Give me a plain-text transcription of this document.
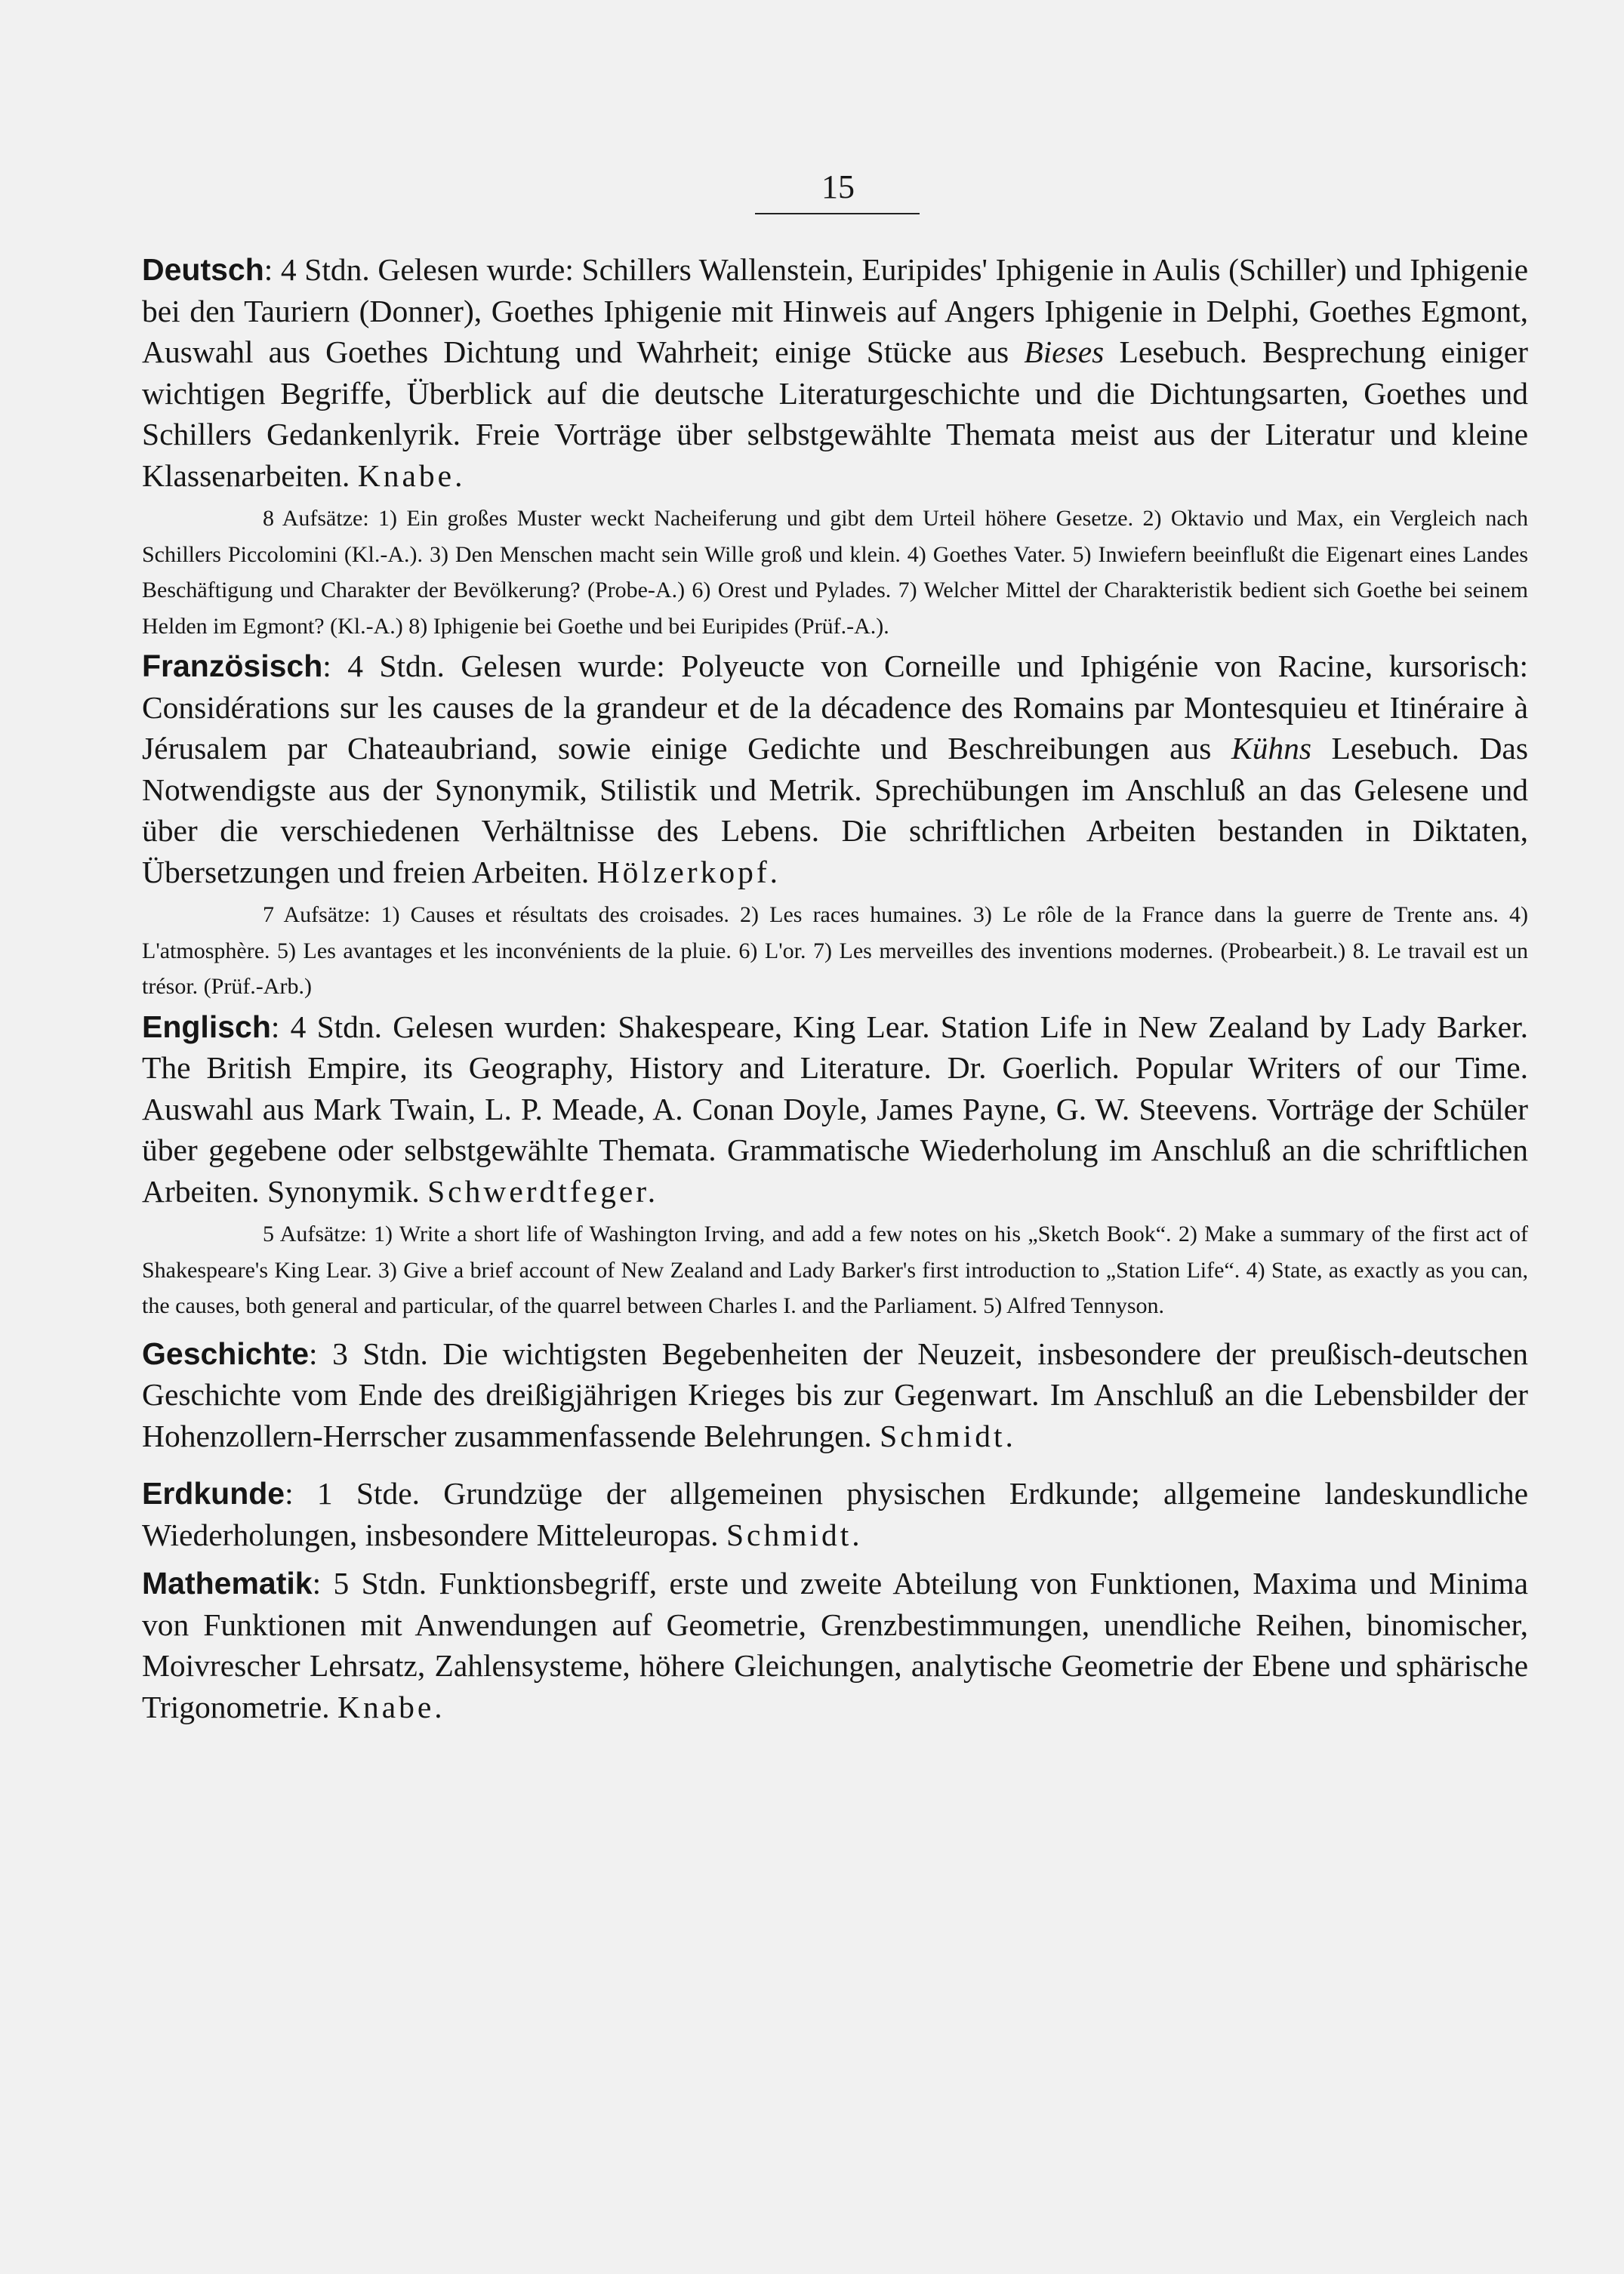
15

Deutsch: 4 Stdn. Gelesen wurde: Schillers Wallenstein, Euripides' Iphigenie in Aulis (Schiller) und Iphigenie bei den Tauriern (Donner), Goethes Iphigenie mit Hinweis auf Angers Iphigenie in Delphi, Goethes Egmont, Auswahl aus Goethes Dichtung und Wahrheit; einige Stücke aus Bieses Lesebuch. Besprechung einiger wichtigen Begriffe, Überblick auf die deutsche Literaturgeschichte und die Dichtungsarten, Goethes und Schillers Gedankenlyrik. Freie Vorträge über selbstgewählte Themata meist aus der Literatur und kleine Klassenarbeiten. Knabe.

8 Aufsätze: 1) Ein großes Muster weckt Nacheiferung und gibt dem Urteil höhere Gesetze. 2) Oktavio und Max, ein Vergleich nach Schillers Piccolomini (Kl.-A.). 3) Den Menschen macht sein Wille groß und klein. 4) Goethes Vater. 5) Inwiefern beeinflußt die Eigenart eines Landes Beschäftigung und Charakter der Bevölkerung? (Probe-A.) 6) Orest und Pylades. 7) Welcher Mittel der Charakteristik bedient sich Goethe bei seinem Helden im Egmont? (Kl.-A.) 8) Iphigenie bei Goethe und bei Euripides (Prüf.-A.).

Französisch: 4 Stdn. Gelesen wurde: Polyeucte von Corneille und Iphigénie von Racine, kursorisch: Considérations sur les causes de la grandeur et de la décadence des Romains par Montesquieu et Itinéraire à Jérusalem par Chateaubriand, sowie einige Gedichte und Beschreibungen aus Kühns Lesebuch. Das Notwendigste aus der Synonymik, Stilistik und Metrik. Sprechübungen im Anschluß an das Gelesene und über die verschiedenen Verhältnisse des Lebens. Die schriftlichen Arbeiten bestanden in Diktaten, Übersetzungen und freien Arbeiten. Hölzerkopf.

7 Aufsätze: 1) Causes et résultats des croisades. 2) Les races humaines. 3) Le rôle de la France dans la guerre de Trente ans. 4) L'atmosphère. 5) Les avantages et les inconvénients de la pluie. 6) L'or. 7) Les merveilles des inventions modernes. (Probearbeit.) 8. Le travail est un trésor. (Prüf.-Arb.)

Englisch: 4 Stdn. Gelesen wurden: Shakespeare, King Lear. Station Life in New Zealand by Lady Barker. The British Empire, its Geography, History and Literature. Dr. Goerlich. Popular Writers of our Time. Auswahl aus Mark Twain, L. P. Meade, A. Conan Doyle, James Payne, G. W. Steevens. Vorträge der Schüler über gegebene oder selbstgewählte Themata. Grammatische Wiederholung im Anschluß an die schriftlichen Arbeiten. Synonymik. Schwerdtfeger.

5 Aufsätze: 1) Write a short life of Washington Irving, and add a few notes on his „Sketch Book“. 2) Make a summary of the first act of Shakespeare's King Lear. 3) Give a brief account of New Zealand and Lady Barker's first introduction to „Station Life“. 4) State, as exactly as you can, the causes, both general and particular, of the quarrel between Charles I. and the Parliament. 5) Alfred Tennyson.

Geschichte: 3 Stdn. Die wichtigsten Begebenheiten der Neuzeit, insbesondere der preußisch-deutschen Geschichte vom Ende des dreißigjährigen Krieges bis zur Gegenwart. Im Anschluß an die Lebensbilder der Hohenzollern-Herrscher zusammenfassende Belehrungen. Schmidt.

Erdkunde: 1 Stde. Grundzüge der allgemeinen physischen Erdkunde; allgemeine landeskundliche Wiederholungen, insbesondere Mitteleuropas. Schmidt.

Mathematik: 5 Stdn. Funktionsbegriff, erste und zweite Abteilung von Funktionen, Maxima und Minima von Funktionen mit Anwendungen auf Geometrie, Grenzbestimmungen, unendliche Reihen, binomischer, Moivrescher Lehrsatz, Zahlensysteme, höhere Gleichungen, analytische Geometrie der Ebene und sphärische Trigonometrie. Knabe.
